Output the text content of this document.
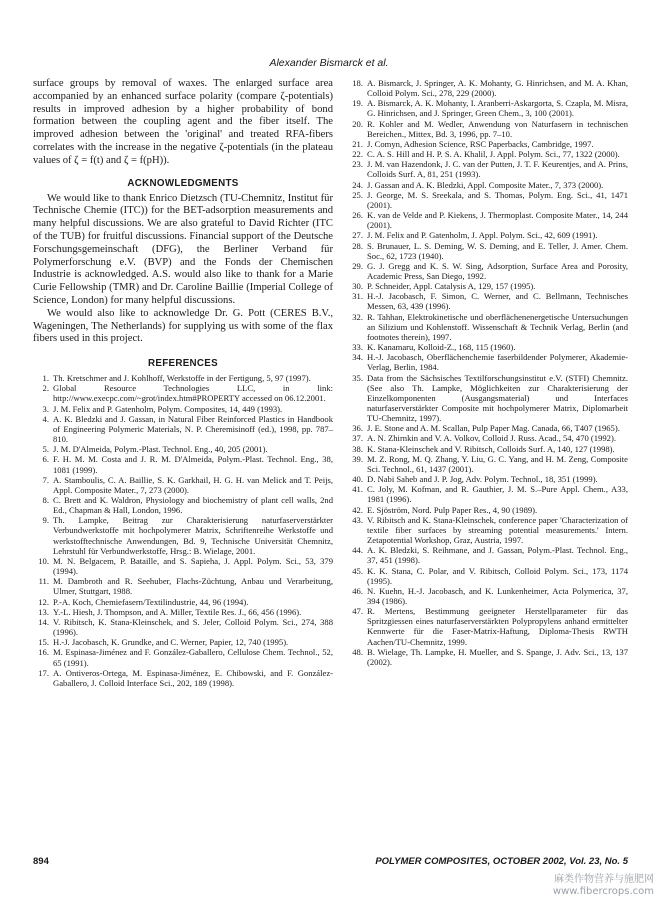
Alexander Bismarck et al.

surface groups by removal of waxes. The enlarged surface area accompanied by an enhanced surface polarity (compare ζ-potentials) results in improved adhesion by a higher probability of bond formation between the coupling agent and the fiber itself. The improved adhesion between the 'original' and treated RFA-fibers correlates with the increase in the negative ζ-potentials (in the plateau values of ζ = f(t) and ζ = f(pH)).

ACKNOWLEDGMENTS

We would like to thank Enrico Dietzsch (TU-Chemnitz, Institut für Technische Chemie (ITC)) for the BET-adsorption measurements and many helpful discussions. We are also grateful to David Richter (ITC of the TUB) for fruitful discussions. Financial support of the Deutsche Forschungsgemeinschaft (DFG), the Berliner Verband für Polymerforschung e.V. (BVP) and the Fonds der Chemischen Industrie is acknowledged. A.S. would also like to thank for a Marie Curie Fellowship (TMR) and Dr. Caroline Baillie (Imperial College of Science, London) for many helpful discussions.

We would also like to acknowledge Dr. G. Pott (CERES B.V., Wageningen, The Netherlands) for supplying us with some of the flax fibers used in this project.

REFERENCES
1. Th. Kretschmer and J. Kohlhoff, Werkstoffe in der Fertigung, 5, 97 (1997).
2. Global Resource Technologies LLC, in link: http://www.execpc.com/~grot/index.htm#PROPERTY accessed on 06.12.2001.
3. J. M. Felix and P. Gatenholm, Polym. Composites, 14, 449 (1993).
4. A. K. Bledzki and J. Gassan, in Natural Fiber Reinforced Plastics in Handbook of Engineering Polymeric Materials, N. P. Cheremisinoff (ed.), 1998, pp. 787–810.
5. J. M. D'Almeida, Polym.-Plast. Technol. Eng., 40, 205 (2001).
6. F. H. M. M. Costa and J. R. M. D'Almeida, Polym.-Plast. Technol. Eng., 38, 1081 (1999).
7. A. Stamboulis, C. A. Baillie, S. K. Garkhail, H. G. H. van Melick and T. Peijs, Appl. Composite Mater., 7, 273 (2000).
8. C. Brett and K. Waldron, Physiology and biochemistry of plant cell walls, 2nd Ed., Chapman & Hall, London, 1996.
9. Th. Lampke, Beitrag zur Charakterisierung naturfaserverstärkter Verbundwerkstoffe mit hochpolymerer Matrix, Schriftenreihe Werkstoffe und werkstofftechnische Anwendungen, Bd. 9, Technische Universität Chemnitz, Lehrstuhl für Verbundwerkstoffe, Hrsg.: B. Wielage, 2001.
10. M. N. Belgacem, P. Bataille, and S. Sapieha, J. Appl. Polym. Sci., 53, 379 (1994).
11. M. Dambroth and R. Seehuber, Flachs-Züchtung, Anbau und Verarbeitung, Ulmer, Stuttgart, 1988.
12. P.-A. Koch, Chemiefasern/Textilindustrie, 44, 96 (1994).
13. Y.-L. Hiesh, J. Thompson, and A. Miller, Textile Res. J., 66, 456 (1996).
14. V. Ribitsch, K. Stana-Kleinschek, and S. Jeler, Colloid Polym. Sci., 274, 388 (1996).
15. H.-J. Jacobasch, K. Grundke, and C. Werner, Papier, 12, 740 (1995).
16. M. Espinasa-Jiménez and F. González-Gaballero, Cellulose Chem. Technol., 52, 65 (1991).
17. A. Ontiveros-Ortega, M. Espinasa-Jiménez, E. Chibowski, and F. González-Gaballero, J. Colloid Interface Sci., 202, 189 (1998).
18. A. Bismarck, J. Springer, A. K. Mohanty, G. Hinrichsen, and M. A. Khan, Colloid Polym. Sci., 278, 229 (2000).
19. A. Bismarck, A. K. Mohanty, I. Aranberri-Askargorta, S. Czapla, M. Misra, G. Hinrichsen, and J. Springer, Green Chem., 3, 100 (2001).
20. R. Kohler and M. Wedler, Anwendung von Naturfasern in technischen Bereichen., Mittex, Bd. 3, 1996, pp. 7–10.
21. J. Comyn, Adhesion Science, RSC Paperbacks, Cambridge, 1997.
22. C. A. S. Hill and H. P. S. A. Khalil, J. Appl. Polym. Sci., 77, 1322 (2000).
23. J. M. van Hazendonk, J. C. van der Putten, J. T. F. Keurentjes, and A. Prins, Colloids Surf. A, 81, 251 (1993).
24. J. Gassan and A. K. Bledzki, Appl. Composite Mater., 7, 373 (2000).
25. J. George, M. S. Sreekala, and S. Thomas, Polym. Eng. Sci., 41, 1471 (2001).
26. K. van de Velde and P. Kiekens, J. Thermoplast. Composite Mater., 14, 244 (2001).
27. J. M. Felix and P. Gatenholm, J. Appl. Polym. Sci., 42, 609 (1991).
28. S. Brunauer, L. S. Deming, W. S. Deming, and E. Teller, J. Amer. Chem. Soc., 62, 1723 (1940).
29. G. J. Gregg and K. S. W. Sing, Adsorption, Surface Area and Porosity, Academic Press, San Diego, 1992.
30. P. Schneider, Appl. Catalysis A, 129, 157 (1995).
31. H.-J. Jacobasch, F. Simon, C. Werner, and C. Bellmann, Technisches Messen, 63, 439 (1996).
32. R. Tahhan, Elektrokinetische und oberflächenenergetische Untersuchungen an Silizium und Kohlenstoff. Wissenschaft & Technik Verlag, Berlin (and footnotes therein), 1997.
33. K. Kanamaru, Kolloid-Z., 168, 115 (1960).
34. H.-J. Jacobasch, Oberflächenchemie faserbildender Polymerer, Akademie-Verlag, Berlin, 1984.
35. Data from the Sächsisches Textilforschungsinstitut e.V. (STFI) Chemnitz. (See also Th. Lampke, Möglichkeiten zur Charakterisierung der Einzelkomponenten (Ausgangsmaterial) und Interfaces naturfaserverstärkter Composite mit hochpolymerer Matrix, Diplomarbeit TU-Chemnitz, 1997).
36. J. E. Stone and A. M. Scallan, Pulp Paper Mag. Canada, 66, T407 (1965).
37. A. N. Zhirnkin and V. A. Volkov, Colloid J. Russ. Acad., 54, 470 (1992).
38. K. Stana-Kleinschek and V. Ribitsch, Colloids Surf. A, 140, 127 (1998).
39. M. Z. Rong, M. Q. Zhang, Y. Liu, G. C. Yang, and H. M. Zeng, Composite Sci. Technol., 61, 1437 (2001).
40. D. Nabi Saheb and J. P. Jog, Adv. Polym. Technol., 18, 351 (1999).
41. C. Joly, M. Kofman, and R. Gauthier, J. M. S.–Pure Appl. Chem., A33, 1981 (1996).
42. E. Sjöström, Nord. Pulp Paper Res., 4, 90 (1989).
43. V. Ribitsch and K. Stana-Kleinschek, conference paper 'Characterization of textile fiber surfaces by streaming potential measurements.' Intern. Zetapotential Workshop, Graz, Austria, 1997.
44. A. K. Bledzki, S. Reihmane, and J. Gassan, Polym.-Plast. Technol. Eng., 37, 451 (1998).
45. K. K. Stana, C. Polar, and V. Ribitsch, Colloid Polym. Sci., 173, 1174 (1995).
46. N. Kuehn, H.-J. Jacobasch, and K. Lunkenheimer, Acta Polymerica, 37, 394 (1986).
47. R. Mertens, Bestimmung geeigneter Herstellparameter für das Spritzgiessen eines naturfaserverstärkten Polypropylens anhand ermittelter Kennwerte für die Faser-Matrix-Haftung, Diploma-Thesis RWTH Aachen/TU-Chemnitz, 1999.
48. B. Wielage, Th. Lampke, H. Mueller, and S. Spange, J. Adv. Sci., 13, 137 (2002).
894	POLYMER COMPOSITES, OCTOBER 2002, Vol. 23, No. 5
麻类作物营养与施肥网
www.fibercrops.com
